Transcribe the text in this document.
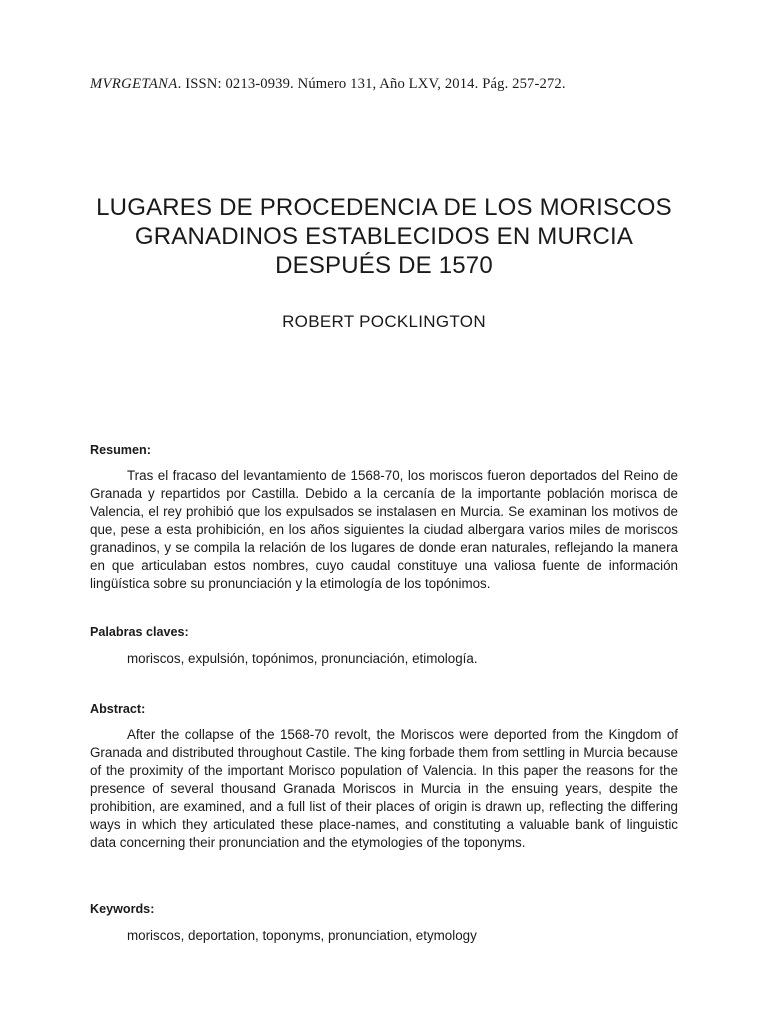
MVRGETANA. ISSN: 0213-0939. Número 131, Año LXV, 2014. Pág. 257-272.
LUGARES DE PROCEDENCIA DE LOS MORISCOS
GRANADINOS ESTABLECIDOS EN MURCIA
DESPUÉS DE 1570
ROBERT POCKLINGTON

Resumen:

Tras el fracaso del levantamiento de 1568-70, los moriscos fueron deportados del Reino de Granada y repartidos por Castilla. Debido a la cercanía de la importante población morisca de Valencia, el rey prohibió que los expulsados se instalasen en Murcia. Se examinan los motivos de que, pese a esta prohibición, en los años siguientes la ciudad albergara varios miles de moriscos granadinos, y se compila la relación de los lugares de donde eran naturales, reflejando la manera en que articulaban estos nombres, cuyo caudal constituye una valiosa fuente de información lingüística sobre su pronunciación y la etimología de los topónimos.

Palabras claves:

moriscos, expulsión, topónimos, pronunciación, etimología.

Abstract:

After the collapse of the 1568-70 revolt, the Moriscos were deported from the Kingdom of Granada and distributed throughout Castile. The king forbade them from settling in Murcia because of the proximity of the important Morisco population of Valencia. In this paper the reasons for the presence of several thousand Granada Moriscos in Murcia in the ensuing years, despite the prohibition, are examined, and a full list of their places of origin is drawn up, reflecting the differing ways in which they articulated these place-names, and constituting a valuable bank of linguistic data concerning their pronunciation and the etymologies of the toponyms.

Keywords:

moriscos, deportation, toponyms, pronunciation, etymology
